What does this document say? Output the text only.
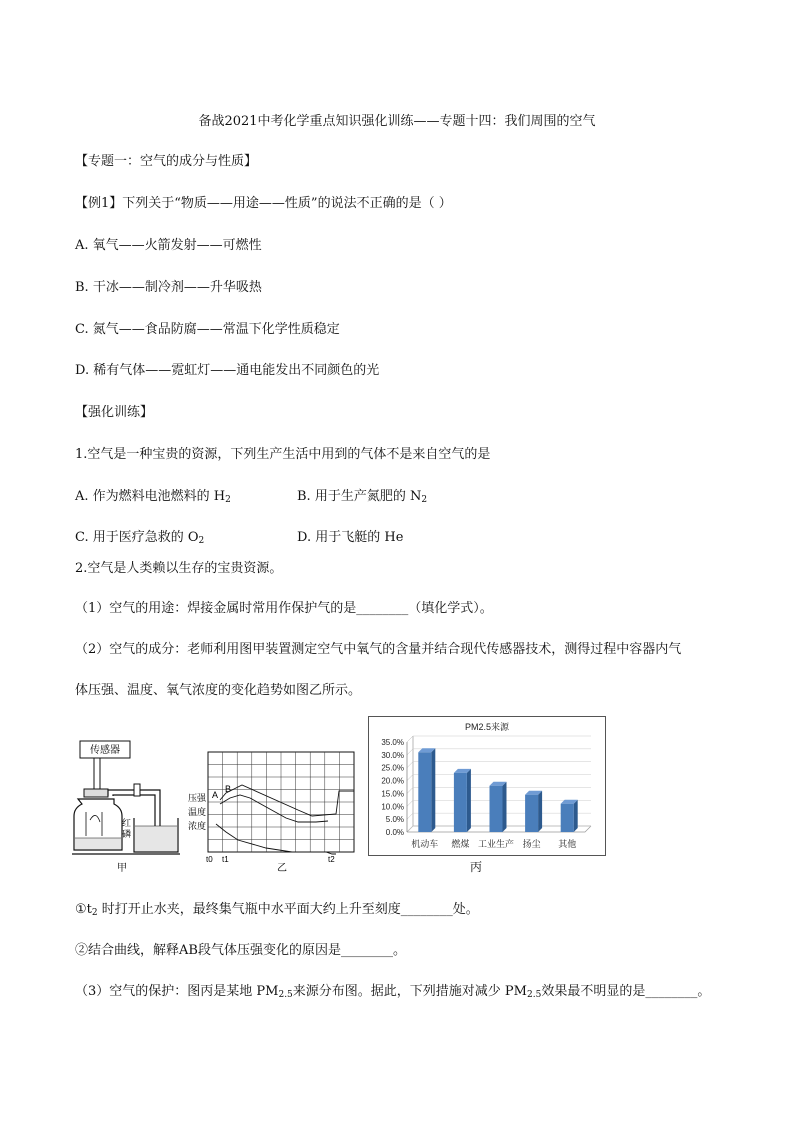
备战2021中考化学重点知识强化训练——专题十四：我们周围的空气
【专题一：空气的成分与性质】
【例1】下列关于“物质——用途——性质”的说法不正确的是（ ）
A. 氧气——火箭发射——可燃性
B. 干冰——制冷剂——升华吸热
C. 氮气——食品防腐——常温下化学性质稳定
D. 稀有气体——霓虹灯——通电能发出不同颜色的光
【强化训练】
1.空气是一种宝贵的资源，下列生产生活中用到的气体不是来自空气的是
A. 作为燃料电池燃料的 $H_2$	B. 用于生产氮肥的 $N_2$
C. 用于医疗急救的 $O_2$	D. 用于飞艇的 He
2.空气是人类赖以生存的宝贵资源。
（1）空气的用途：焊接金属时常用作保护气的是________（填化学式）。
（2）空气的成分：老师利用图甲装置测定空气中氧气的含量并结合现代传感器技术，测得过程中容器内气
体压强、温度、氧气浓度的变化趋势如图乙所示。
传感器
红
磷
甲
压强
温度
浓度
A
B
t0 t1	t2
乙
PM2.5来源
0.0%
5.0%
10.0%
15.0%
20.0%
25.0%
30.0%
35.0%
机动车 燃煤 工业生产 扬尘 其他
丙
$①t_2$ 时打开止水夹，最终集气瓶中水平面大约上升至刻度________处。
②结合曲线，解释AB段气体压强变化的原因是________。
（3）空气的保护：图丙是某地 $PM_{2.5}$来源分布图。据此，下列措施对减少 $PM_{2.5}$效果最不明显的是________。
